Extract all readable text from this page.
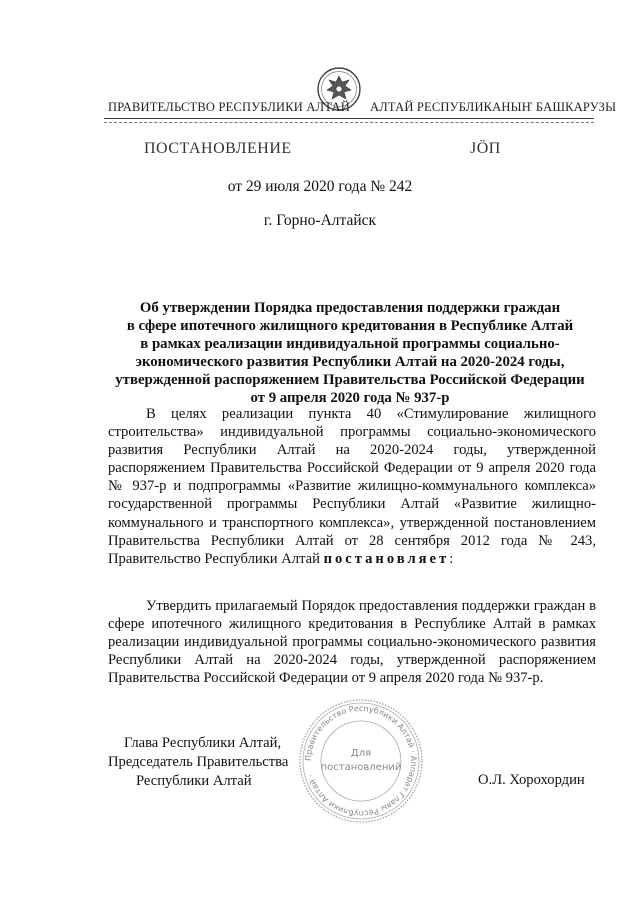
ПРАВИТЕЛЬСТВО РЕСПУБЛИКИ АЛТАЙ АЛТАЙ РЕСПУБЛИКАНЫҤ БАШКАРУЗЫ
ПОСТАНОВЛЕНИЕ	ЈӦП
от 29 июля 2020 года № 242
г. Горно-Алтайск
Об утверждении Порядка предоставления поддержки граждан
в сфере ипотечного жилищного кредитования в Республике Алтай
в рамках реализации индивидуальной программы социально-
экономического развития Республики Алтай на 2020-2024 годы,
утвержденной распоряжением Правительства Российской Федерации
от 9 апреля 2020 года № 937-р
В целях реализации пункта 40 «Стимулирование жилищного строительства» индивидуальной программы социально-экономического развития Республики Алтай на 2020-2024 годы, утвержденной распоряжением Правительства Российской Федерации от 9 апреля 2020 года № 937-р и подпрограммы «Развитие жилищно-коммунального комплекса» государственной программы Республики Алтай «Развитие жилищно-коммунального и транспортного комплекса», утвержденной постановлением Правительства Республики Алтай от 28 сентября 2012 года № 243, Правительство Республики Алтай постановляет:
Утвердить прилагаемый Порядок предоставления поддержки граждан в сфере ипотечного жилищного кредитования в Республике Алтай в рамках реализации индивидуальной программы социально-экономического развития Республики Алтай на 2020-2024 годы, утвержденной распоряжением Правительства Российской Федерации от 9 апреля 2020 года № 937-р.
Глава Республики Алтай,
Председатель Правительства
Республики Алтай	О.Л. Хорохордин
Правительство Республики Алтай · Аппарат Главы Республики Алтай ·
Для
постановлений
